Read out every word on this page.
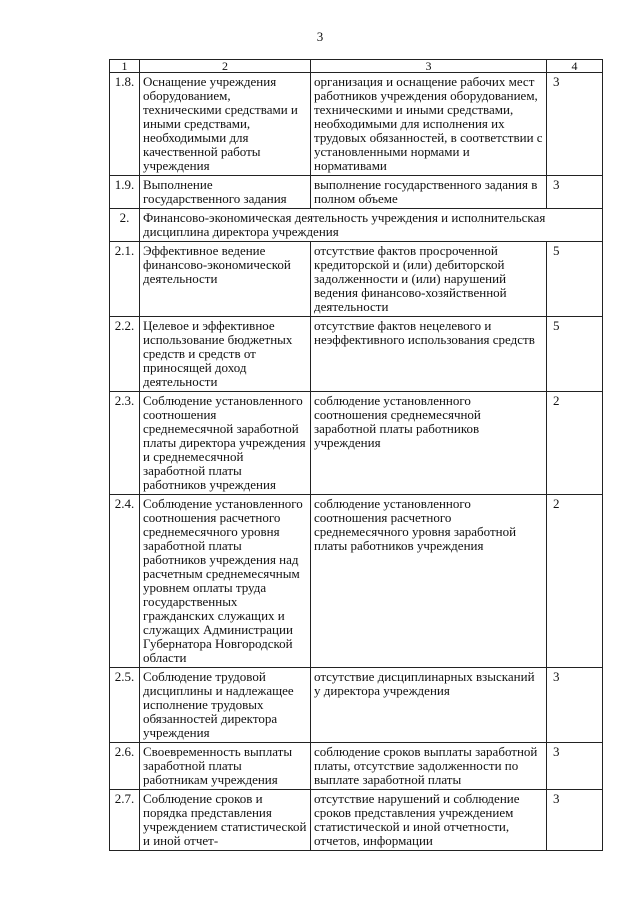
3
1	2	3	4
1.8.	Оснащение учреждения оборудованием, техническими средствами и иными средствами, необходимыми для качественной работы учреждения	организация и оснащение рабочих мест работников учреждения оборудованием, техническими и иными средствами, необходимыми для исполнения их трудовых обязанностей, в соответствии с установленными нормами и нормативами	3
1.9.	Выполнение государственного задания	выполнение государственного задания в полном объеме	3
2.	Финансово-экономическая деятельность учреждения и исполнительская дисциплина директора учреждения		
2.1.	Эффективное ведение финансово-экономической деятельности	отсутствие фактов просроченной кредиторской и (или) дебиторской задолженности и (или) нарушений ведения финансово-хозяйственной деятельности	5
2.2.	Целевое и эффективное использование бюджетных средств и средств от приносящей доход деятельности	отсутствие фактов нецелевого и неэффективного использования средств	5
2.3.	Соблюдение установленного соотношения среднемесячной заработной платы директора учреждения и среднемесячной заработной платы работников учреждения	соблюдение установленного соотношения среднемесячной заработной платы работников учреждения	2
2.4.	Соблюдение установленного соотношения расчетного среднемесячного уровня заработной платы работников учреждения над расчетным среднемесячным уровнем оплаты труда государственных гражданских служащих и служащих Администрации Губернатора Новгородской области	соблюдение установленного соотношения расчетного среднемесячного уровня заработной платы работников учреждения	2
2.5.	Соблюдение трудовой дисциплины и надлежащее исполнение трудовых обязанностей директора учреждения	отсутствие дисциплинарных взысканий у директора учреждения	3
2.6.	Своевременность выплаты заработной платы работникам учреждения	соблюдение сроков выплаты заработной платы, отсутствие задолженности по выплате заработной платы	3
2.7.	Соблюдение сроков и порядка представления учреждением статистической и иной отчет-	отсутствие нарушений и соблюдение сроков представления учреждением статистической и иной отчетности, отчетов, информации	3
